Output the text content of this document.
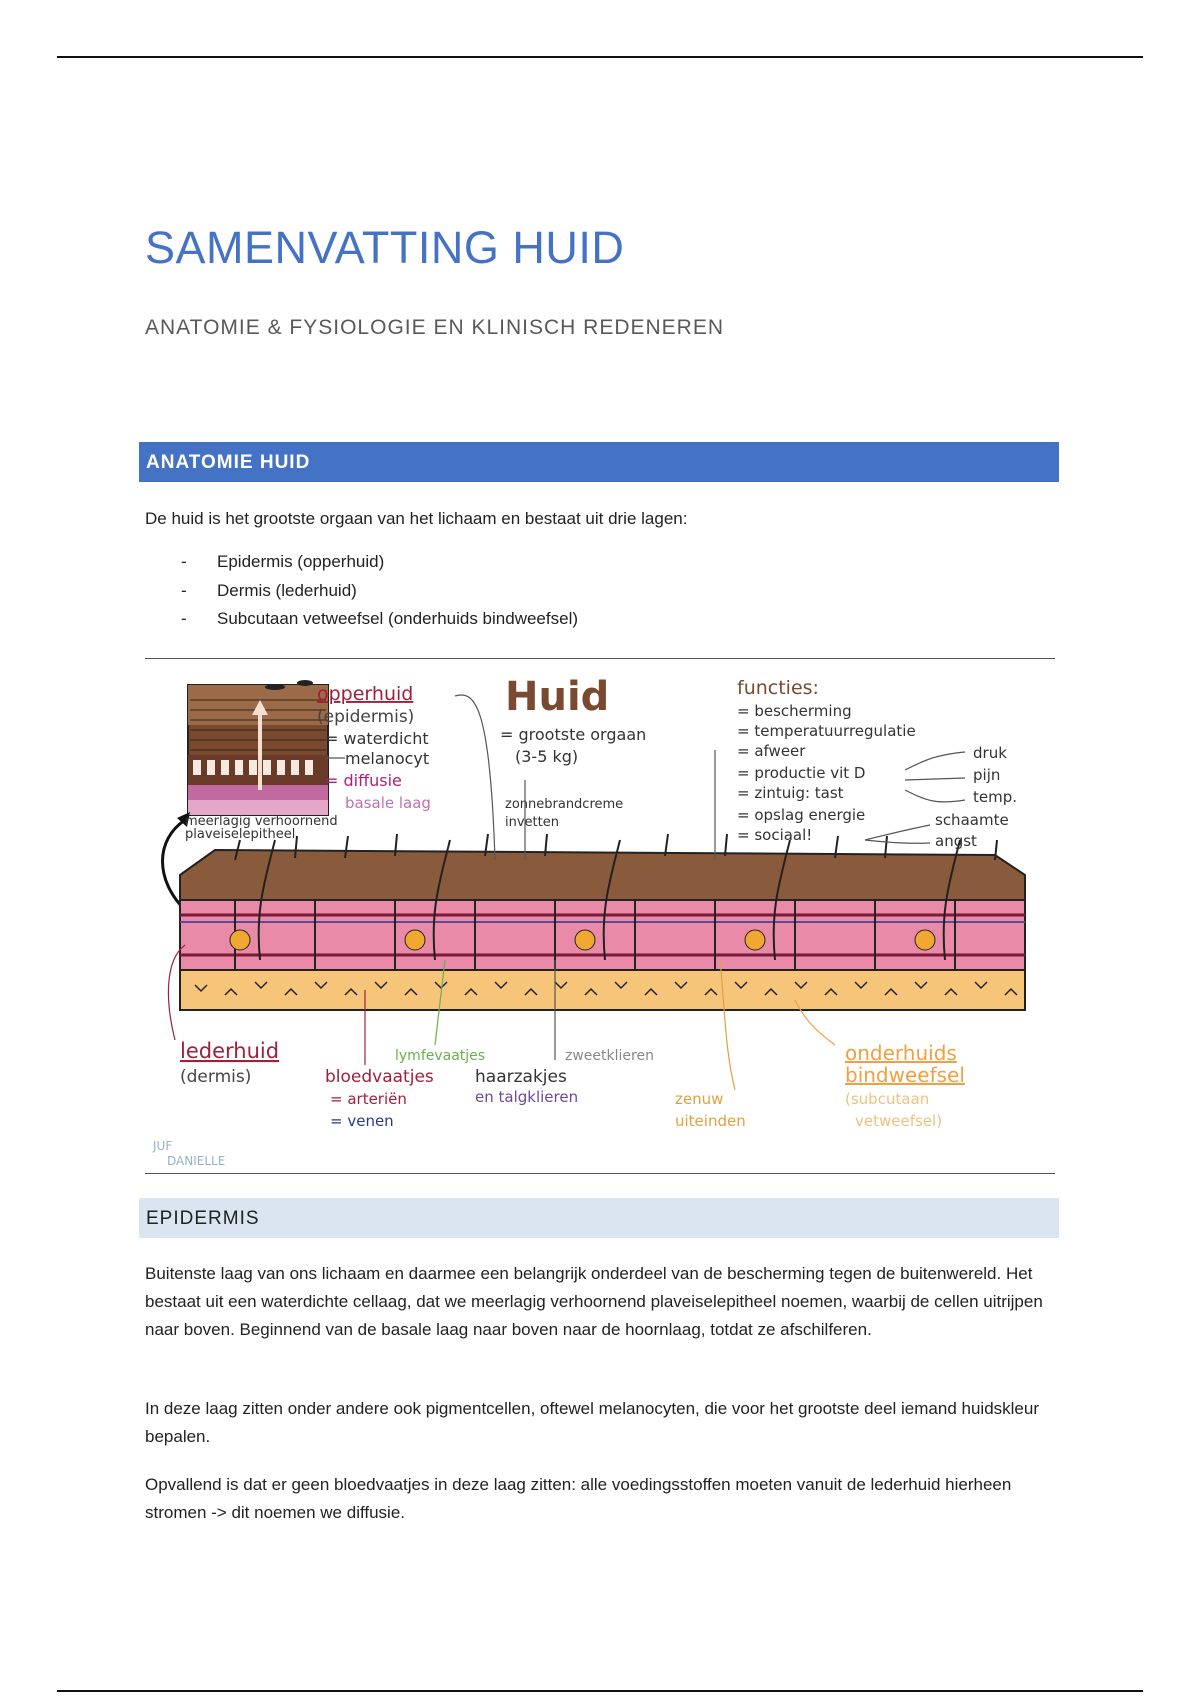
SAMENVATTING HUID
ANATOMIE & FYSIOLOGIE EN KLINISCH REDENEREN
ANATOMIE HUID

De huid is het grootste orgaan van het lichaam en bestaat uit drie lagen:

- Epidermis (opperhuid)
- Dermis (lederhuid)
- Subcutaan vetweefsel (onderhuids bindweefsel)
opperhuid
(epidermis)
= waterdicht
melanocyt
= diffusie
basale laag
meerlagig verhoornend
plaveiselepitheel
Huid
= grootste orgaan
(3-5 kg)
zonnebrandcreme
invetten
functies:
= bescherming
= temperatuurregulatie
= afweer
= productie vit D
= zintuig: tast
= opslag energie
= sociaal!
druk
pijn
temp.
schaamte
angst
lederhuid
(dermis)	bloedvaatjes
= arteriën
= venen
lymfevaatjes	zweetklieren
haarzakjes
en talgklieren	zenuw
uiteinden
onderhuids
bindweefsel
(subcutaan
vetweefsel)
JUF
DANIELLE
EPIDERMIS

Buitenste laag van ons lichaam en daarmee een belangrijk onderdeel van de bescherming tegen de buitenwereld. Het bestaat uit een waterdichte cellaag, dat we meerlagig verhoornend plaveiselepitheel noemen, waarbij de cellen uitrijpen naar boven. Beginnend van de basale laag naar boven naar de hoornlaag, totdat ze afschilferen.

In deze laag zitten onder andere ook pigmentcellen, oftewel melanocyten, die voor het grootste deel iemand huidskleur bepalen.

Opvallend is dat er geen bloedvaatjes in deze laag zitten: alle voedingsstoffen moeten vanuit de lederhuid hierheen stromen -> dit noemen we diffusie.
